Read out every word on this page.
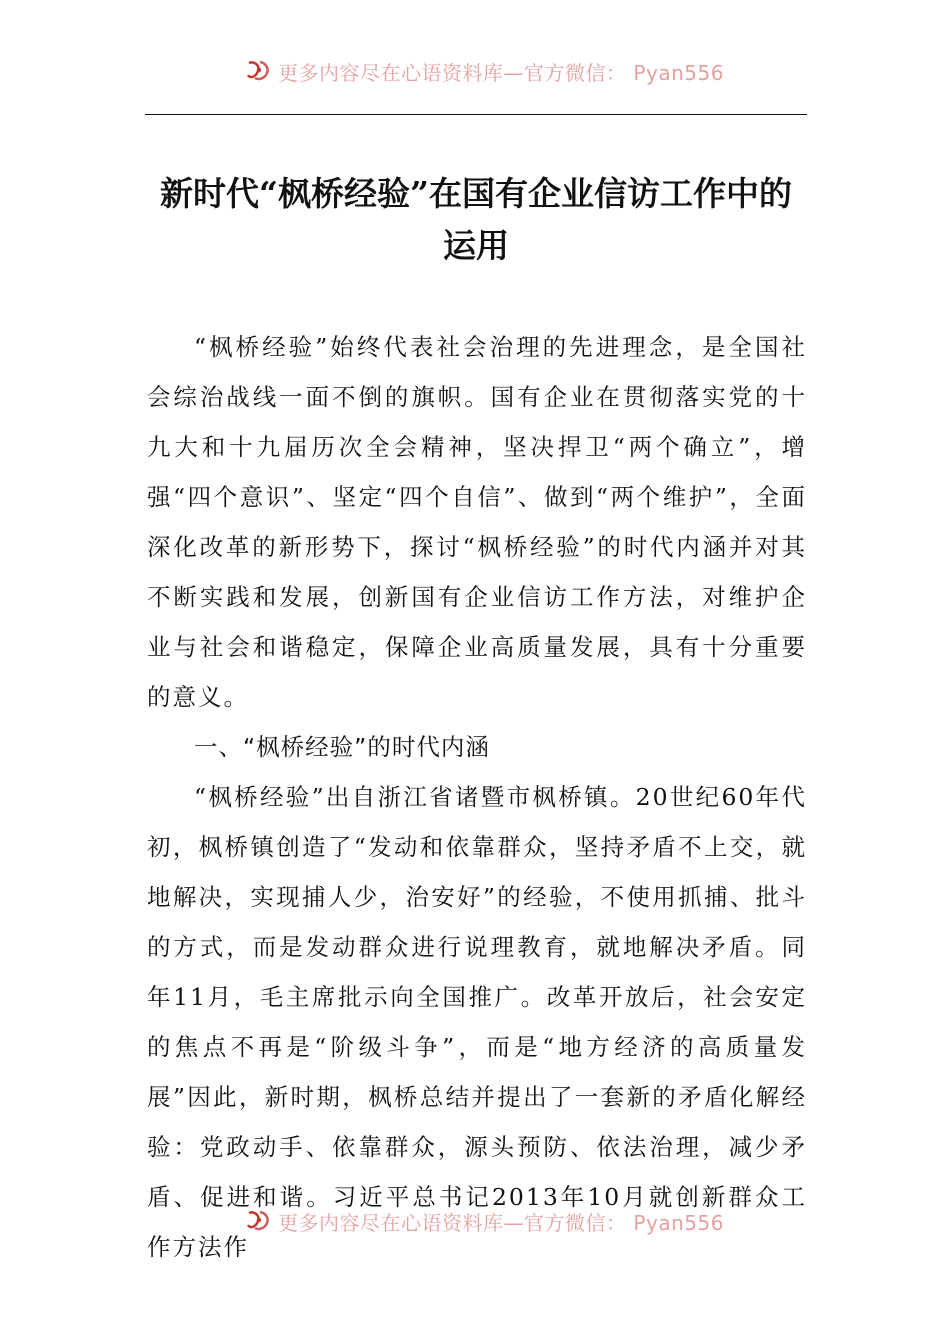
更多内容尽在心语资料库—官方微信： Pyan556
新时代“枫桥经验”在国有企业信访工作中的运用

“枫桥经验”始终代表社会治理的先进理念，是全国社会综治战线一面不倒的旗帜。国有企业在贯彻落实党的十九大和十九届历次全会精神，坚决捍卫“两个确立”，增强“四个意识”、坚定“四个自信”、做到“两个维护”，全面深化改革的新形势下，探讨“枫桥经验”的时代内涵并对其不断实践和发展，创新国有企业信访工作方法，对维护企业与社会和谐稳定，保障企业高质量发展，具有十分重要的意义。

一、“枫桥经验”的时代内涵

“枫桥经验”出自浙江省诸暨市枫桥镇。20世纪60年代初，枫桥镇创造了“发动和依靠群众，坚持矛盾不上交，就地解决，实现捕人少，治安好”的经验，不使用抓捕、批斗的方式，而是发动群众进行说理教育，就地解决矛盾。同年11月，毛主席批示向全国推广。改革开放后，社会安定的焦点不再是“阶级斗争”，而是“地方经济的高质量发展”因此，新时期，枫桥总结并提出了一套新的矛盾化解经验：党政动手、依靠群众，源头预防、依法治理，减少矛盾、促进和谐。习近平总书记2013年10月就创新群众工作方法作

更多内容尽在心语资料库—官方微信： Pyan556
